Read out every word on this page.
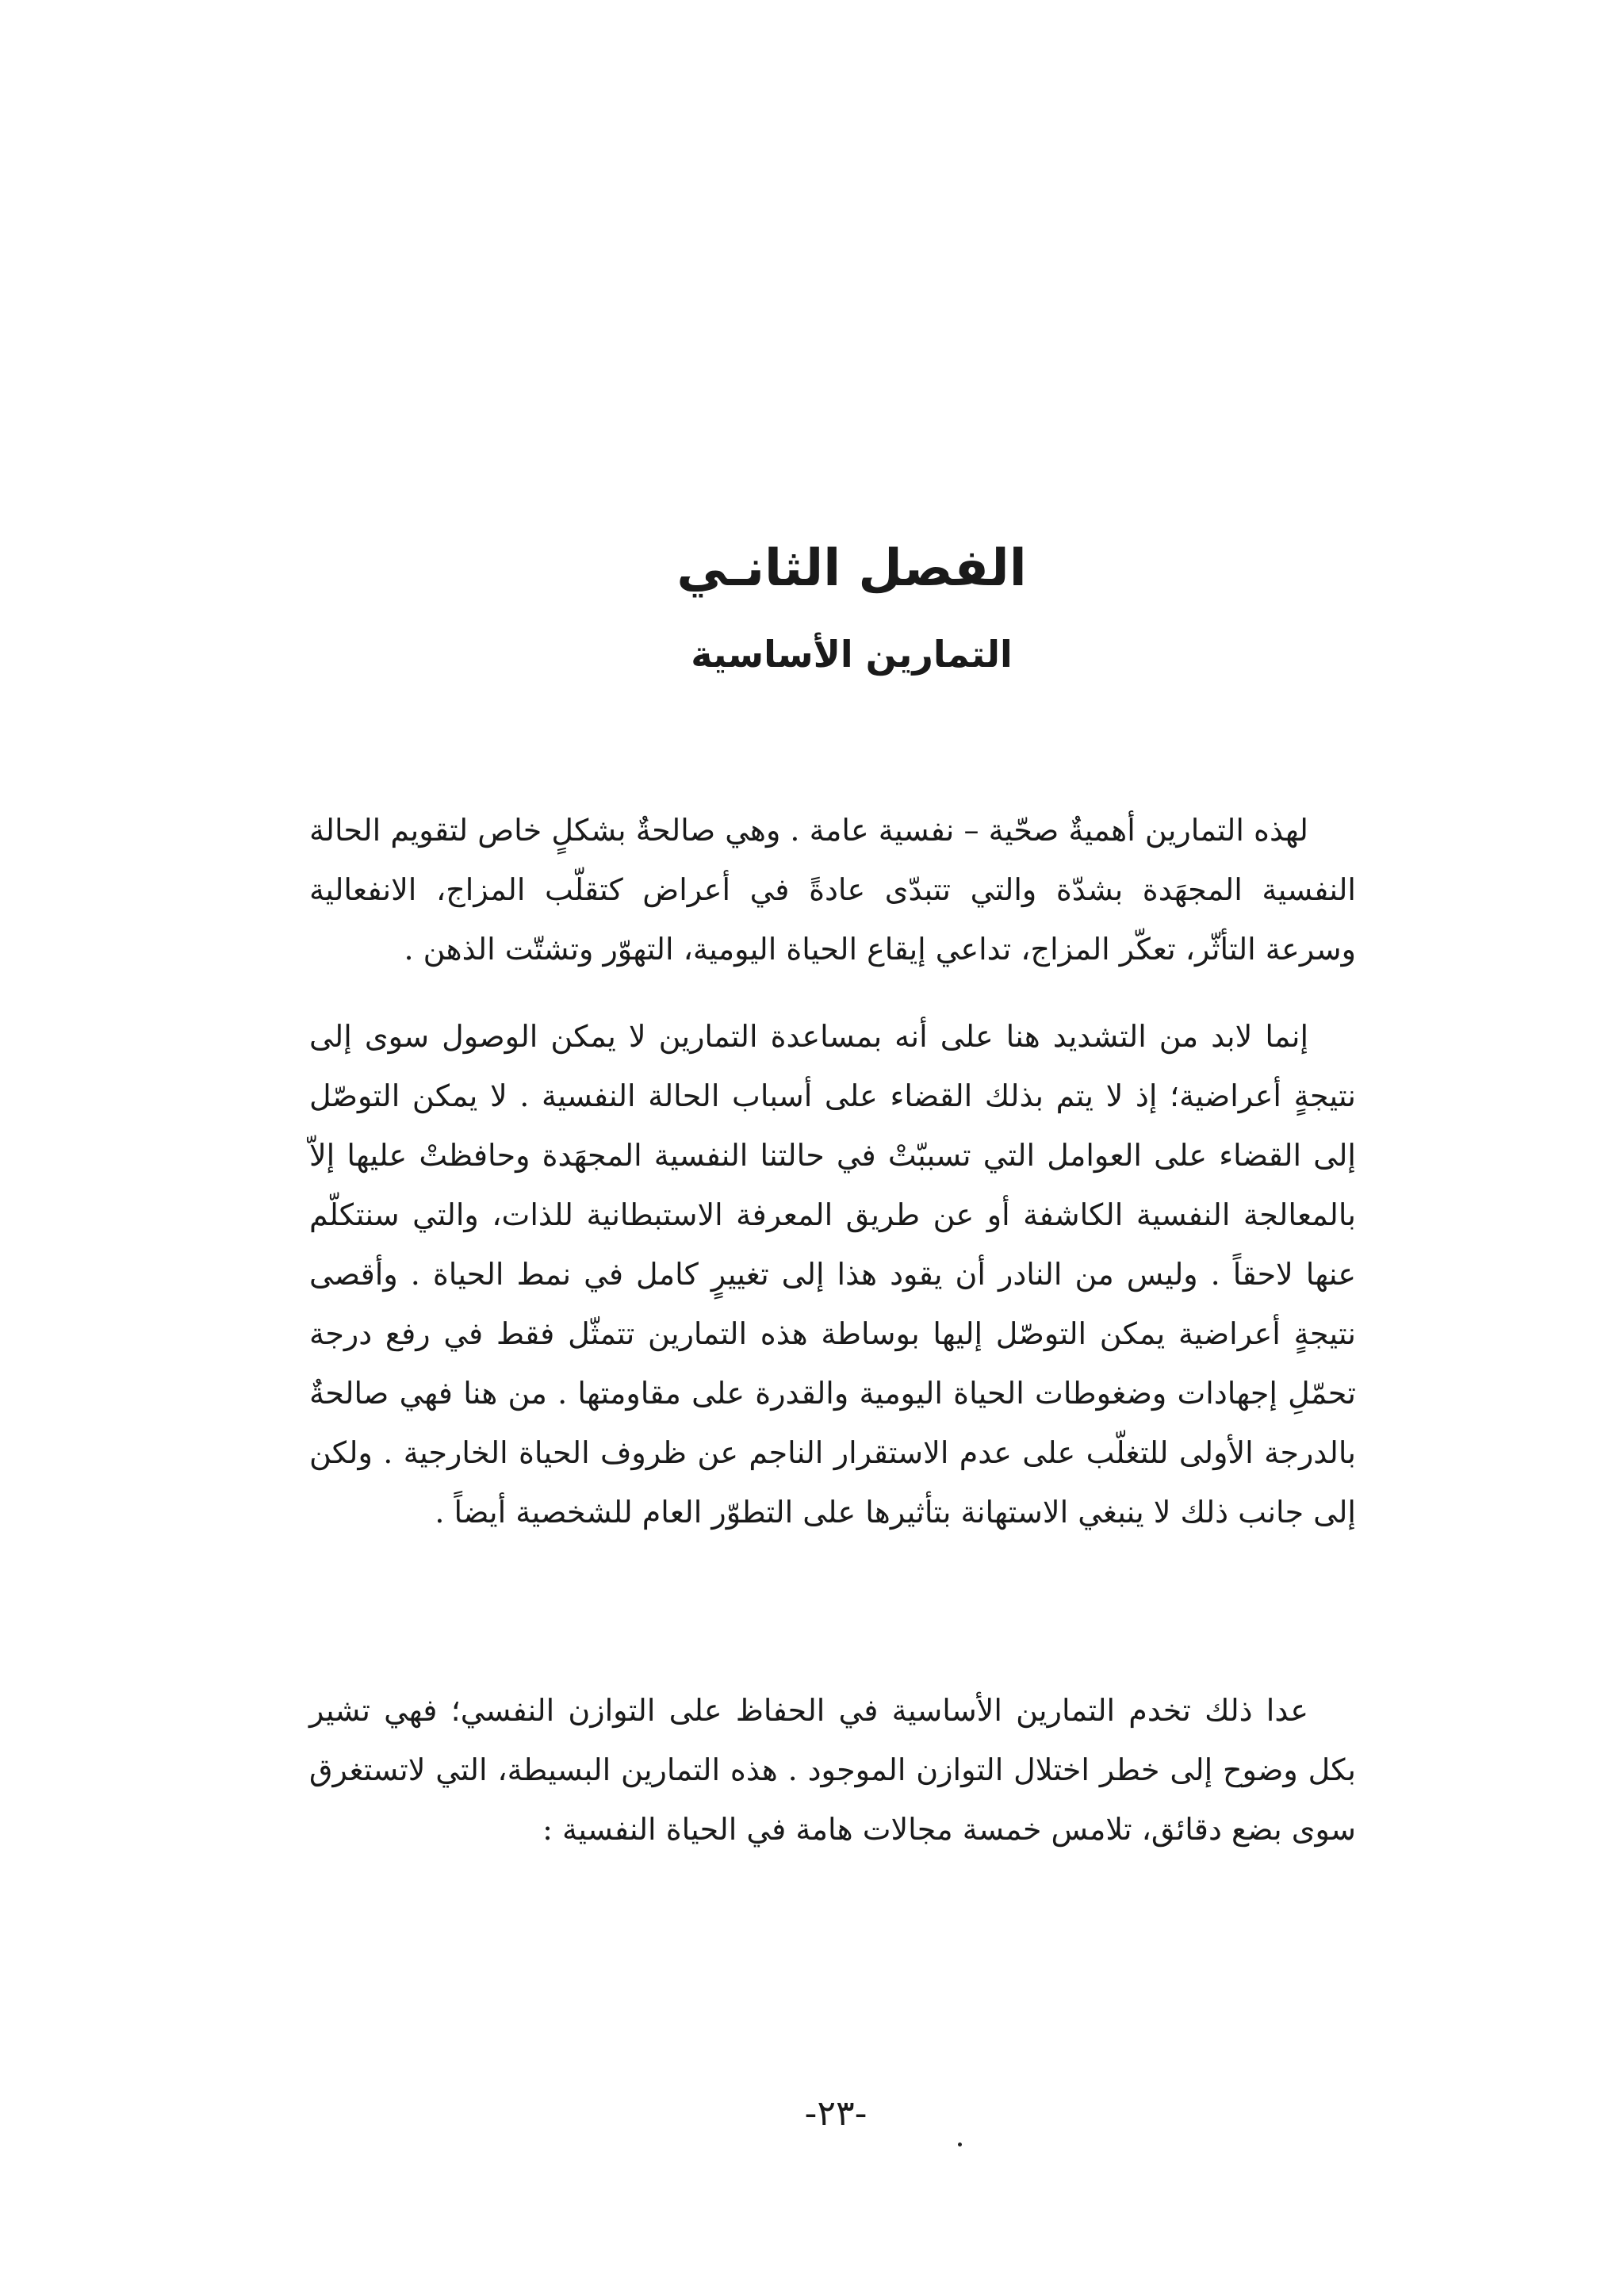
الفصل الثانـي
التمارين الأساسية

لهذه التمارين أهميةٌ صحّية – نفسية عامة . وهي صالحةٌ بشكلٍ خاص لتقويم الحالة النفسية المجهَدة بشدّة والتي تتبدّى عادةً في أعراض كتقلّب المزاج، الانفعالية وسرعة التأثّر، تعكّر المزاج، تداعي إيقاع الحياة اليومية، التهوّر وتشتّت الذهن .

إنما لابد من التشديد هنا على أنه بمساعدة التمارين لا يمكن الوصول سوى إلى نتيجةٍ أعراضية؛ إذ لا يتم بذلك القضاء على أسباب الحالة النفسية . لا يمكن التوصّل إلى القضاء على العوامل التي تسببّتْ في حالتنا النفسية المجهَدة وحافظتْ عليها إلاّ بالمعالجة النفسية الكاشفة أو عن طريق المعرفة الاستبطانية للذات، والتي سنتكلّم عنها لاحقاً . وليس من النادر أن يقود هذا إلى تغييرٍ كامل في نمط الحياة . وأقصى نتيجةٍ أعراضية يمكن التوصّل إليها بوساطة هذه التمارين تتمثّل فقط في رفع درجة تحمّلِ إجهادات وضغوطات الحياة اليومية والقدرة على مقاومتها . من هنا فهي صالحةٌ بالدرجة الأولى للتغلّب على عدم الاستقرار الناجم عن ظروف الحياة الخارجية . ولكن إلى جانب ذلك لا ينبغي الاستهانة بتأثيرها على التطوّر العام للشخصية أيضاً .

عدا ذلك تخدم التمارين الأساسية في الحفاظ على التوازن النفسي؛ فهي تشير بكل وضوح إلى خطر اختلال التوازن الموجود . هذه التمارين البسيطة، التي لاتستغرق سوى بضع دقائق، تلامس خمسة مجالات هامة في الحياة النفسية :

-٢٣-
